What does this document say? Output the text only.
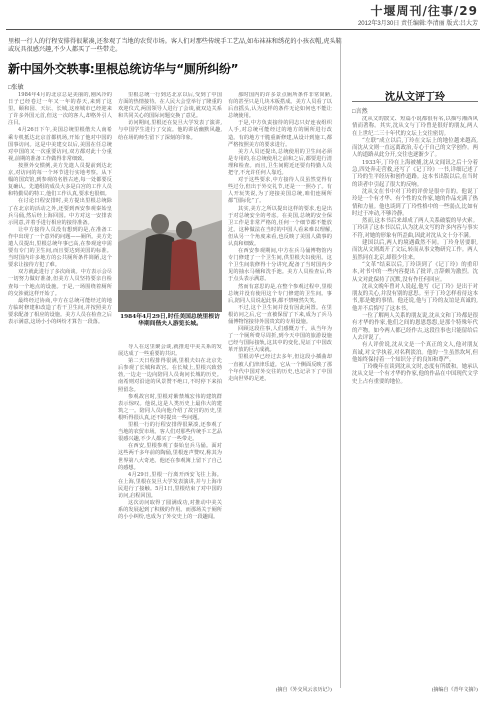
十堰周刊/往事/29
2012年3月30日 责任编辑:李清丽 版式:吕大芳
里根一行人的行程安排得很紧凑,还参观了当地的农贸市场。客人们对那些传统手工艺品,如布袜袜和绣花的小孩衣帽,虎头鞋或玩具很感兴趣,不少人都买了一些带走。
新中国外交轶事:里根总统访华与“厕所纠纷”
□张敏

1984年4月的北京总是美丽的,刚风冷的日子已经卷过一年又一年的春天,来到了这里。颐和园、天坛、长城,这座城市已经迎来了许多外国元首,但这一次的客人,却格外引人注目。

4月26日下午,美国总统里根偕夫人南希乘专机抵达北京首都机场,开始了他对中国的国事访问。这是中美建交以后,美国在任总统对中国的又一次重要访问,双方都对此十分重视,前期的准备工作做得非常细致。

按照外交惯例,美方先遣人员提前到达北京,对访问的每一个环节进行实地考察。从下榻的国宾馆,到参观的名胜古迹,每一处都要反复确认。先遣组的成员大多是白宫的工作人员和特勤局的特工,他们工作认真,要求也很细。

在讨论日程安排时,美方提出里根总统除了在北京的活动之外,还要到西安参观秦始皇兵马俑,然后经上海回国。中方对这一安排表示同意,并着手进行相应的接待准备。

让中方接待人员没有想到的是,在准备工作中出现了一个意外的问题——厕所。美方先遣人员提出,里根总统年事已高,在参观途中需要有专门的卫生间,而且要达到美国的标准。当时国内许多地方的公共厕所条件简陋,这个要求让接待方犯了难。

双方就此进行了多次商谈。中方表示会尽一切努力做好准备,但美方人员坚持要亲自检查每一个地点的设施。于是,一场围绕着厕所的交涉就这样开始了。

最终经过协商,中方在总统可能经过的地方临时修建和改造了若干卫生间,并按照美方要求配备了相应的设施。美方人员在检查之后表示满意,这场小小的纠纷才算告一段落。

里根总统一行到达北京以后,受到了中国方面的热情接待。在人民大会堂举行了隆重的欢迎仪式,两国领导人进行了会谈,就双边关系和共同关心的国际问题交换了意见。

访问期间,里根还在复旦大学发表了演讲,与中国学生进行了交流。他的讲话幽默风趣,给在场的师生留下了深刻的印象。

1984年4月29日,时任美国总统里根访华期间偕夫人游览长城。

导人在这里聚会谈,就推进中美关系的发展达成了一些重要的共识。

第二天日程排得很满,里根夫妇在北京先后参观了长城和故宫。在长城上,里根兴致勃勃,一边走一边向陪同人员询问长城的历史。南希则对沿途的风景赞不绝口,不时停下来拍照留念。

参观故宫时,里根对紫禁城宏伟的建筑群表示惊叹。他说,这是人类历史上最伟大的建筑之一。陪同人员向他介绍了故宫的历史,里根听得很认真,还不时提出一些问题。

里根一行的行程安排得很紧凑,还参观了当地的农贸市场。客人们对那些传统手工艺品很感兴趣,不少人都买了一些带走。

在西安,里根参观了秦始皇兵马俑。面对这些两千多年前的陶俑,里根连声赞叹,称其为世界第八大奇迹。他还在参观簿上留下了自己的感想。

4月29日,里根一行离开西安飞往上海。在上海,里根在复旦大学发表演讲,并与上海市民进行了接触。5月1日,里根结束了对中国的访问,启程回国。

这次访问取得了圆满成功,对推动中美关系的发展起到了积极的作用。而那场关于厕所的小小纠纷,也成为了外交史上的一段趣闻。

那时国内的许多景点厕所条件非常简陋,有的甚至只是几块木板搭成。美方人员看了以后直摇头,认为这样的条件无论如何也不能让总统使用。

于是,中方负责接待的同志只好连夜组织人手,对总统可能经过的地方的厕所进行改造。有的地方干脆重新修建,从设计到施工,都严格按照美方的要求进行。

美方人员还提出,总统使用的卫生间必须是专用的,在总统使用之前和之后,都要进行清理和检查。而且,卫生间附近还要有特勤人员把守,不允许任何人靠近。

对于这些要求,中方接待人员虽然觉得有些过分,但出于外交礼节,还是一一照办了。有人开玩笑说,为了迎接美国总统,咱们连厕所都“国际化”了。

其实,美方之所以提出这样的要求,也是出于对总统安全的考虑。在美国,总统的安全保卫工作是非常严格的,任何一个细节都不能放过。这种做法在当时的中国人看来难以理解,但从另一个角度来看,也反映了美国人做事的认真和细致。

在西安参观期间,中方在兵马俑博物馆内专门修建了一个卫生间,供里根夫妇使用。这个卫生间装修得十分讲究,配备了当时国内少见的抽水马桶和洗手池。美方人员检查后,终于点头表示满意。

然而有意思的是,在整个参观过程中,里根总统并没有使用这个专门修建的卫生间。事后,陪同人员说起此事,都不禁哑然失笑。

不过,这个卫生间并没有因此闲置。在里根访问之后,它一直被保留了下来,成为了兵马俑博物馆接待外国贵宾的专用设施。

回顾这段往事,人们感慨万千。从当年为了一个厕所费尽周折,到今天中国的旅游设施已经与国际接轨,这其中的变化,见证了中国改革开放的巨大成就。

里根访华已经过去多年,但这段小插曲却一直被人们津津乐道。它从一个侧面反映了那个年代中国对外交往的历史,也记录下了中国走向世界的足迹。

(摘自《外交风云亲历记》)
沈从文评丁玲
□言然

沈从文的散文、短篇小说都很有名,以描写湘西风情而著称。其实,沈从文与丁玲曾是很好的朋友,两人在上世纪二三十年代的文坛上交往密切。

“左联”成立以后,丁玲在文坛上的地位越来越高,而沈从文则一直远离政治,专心于自己的文学创作。两人的道路从此分开,交往也逐渐少了。

1933年,丁玲在上海被捕,沈从文闻讯之后十分着急,四处奔走营救,还写了《记丁玲》一书,详细记述了丁玲的生平经历和创作道路。这本书出版以后,在当时的读者中引起了很大的反响。

沈从文在书中对丁玲的评价是很中肯的。他说丁玲是一个有才华、有个性的女作家,她的作品充满了热情和力量。他也谈到了丁玲性格中的一些弱点,比如有时过于冲动,不够冷静。

然而,这本书后来却成了两人关系破裂的导火索。丁玲读了这本书以后,认为沈从文写的许多内容与事实不符,对她的形象有所歪曲,因此对沈从文十分不满。

建国以后,两人的境遇截然不同。丁玲身居要职,而沈从文则离开了文坛,转而从事文物研究工作。两人虽然同在北京,却很少往来。

“文革”结束以后,丁玲读到了《记丁玲》的重印本,对书中的一些内容提出了批评,言辞颇为激烈。沈从文对此保持了沉默,没有作任何回应。

沈从文晚年曾对人说起,他写《记丁玲》是出于对朋友的关心,并没有别的意思。至于丁玲怎样看待这本书,那是她的事情。他还说,他与丁玲的友谊是真诚的,他并不后悔写了这本书。

一位了解两人关系的朋友说,沈从文和丁玲都是很有才华的作家,他们之间的恩恩怨怨,是那个特殊年代的产物。如今两人都已经作古,这段往事也只能留给后人去评说了。

有人评价说,沈从文是一个真正的文人,他对朋友真诚,对文学执着,对名利淡泊。他的一生虽然坎坷,但他始终保持着一个知识分子的良知和尊严。

丁玲晚年在谈到沈从文时,态度有所缓和。她承认沈从文是一个有才华的作家,他的作品在中国现代文学史上占有重要的地位。

(摘编自《青年文摘》)
